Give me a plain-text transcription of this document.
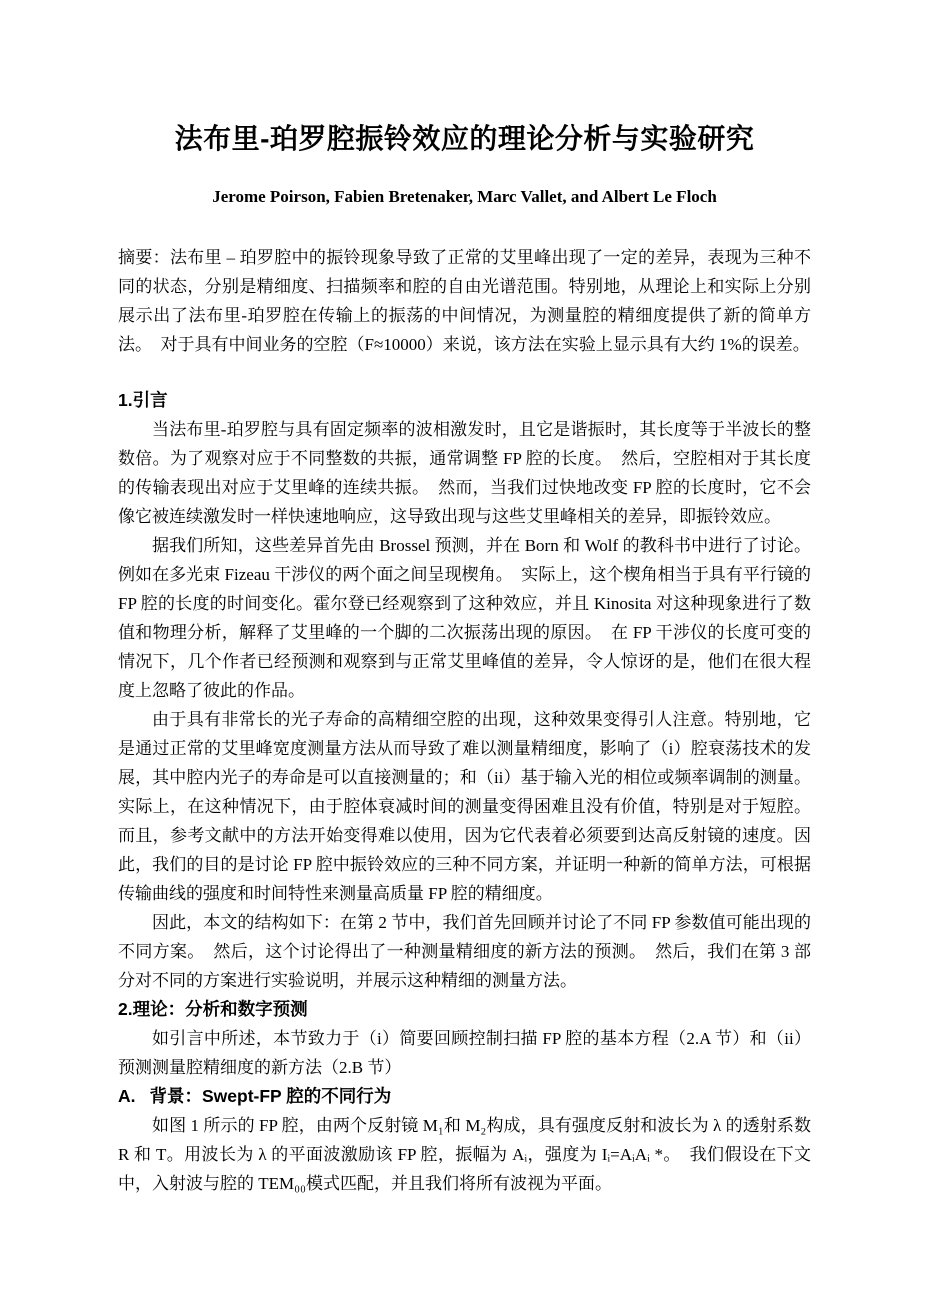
法布里-珀罗腔振铃效应的理论分析与实验研究
Jerome Poirson, Fabien Bretenaker, Marc Vallet, and Albert Le Floch

摘要：法布里 – 珀罗腔中的振铃现象导致了正常的艾里峰出现了一定的差异，表现为三种不同的状态，分别是精细度、扫描频率和腔的自由光谱范围。特别地，从理论上和实际上分别展示出了法布里-珀罗腔在传输上的振荡的中间情况，为测量腔的精细度提供了新的简单方法。　对于具有中间业务的空腔（F≈10000）来说，该方法在实验上显示具有大约 1%的误差。

1.引言

当法布里-珀罗腔与具有固定频率的波相激发时，且它是谐振时，其长度等于半波长的整数倍。为了观察对应于不同整数的共振，通常调整 FP 腔的长度。　然后，空腔相对于其长度的传输表现出对应于艾里峰的连续共振。　然而，当我们过快地改变 FP 腔的长度时，它不会像它被连续激发时一样快速地响应，这导致出现与这些艾里峰相关的差异，即振铃效应。

据我们所知，这些差异首先由 Brossel 预测，并在 Born 和 Wolf 的教科书中进行了讨论。例如在多光束 Fizeau 干涉仪的两个面之间呈现楔角。　实际上，这个楔角相当于具有平行镜的 FP 腔的长度的时间变化。霍尔登已经观察到了这种效应，并且 Kinosita 对这种现象进行了数值和物理分析，解释了艾里峰的一个脚的二次振荡出现的原因。　在 FP 干涉仪的长度可变的情况下，几个作者已经预测和观察到与正常艾里峰值的差异，令人惊讶的是，他们在很大程度上忽略了彼此的作品。

由于具有非常长的光子寿命的高精细空腔的出现，这种效果变得引人注意。特别地，它是通过正常的艾里峰宽度测量方法从而导致了难以测量精细度，影响了（i）腔衰荡技术的发展，其中腔内光子的寿命是可以直接测量的；和（ii）基于输入光的相位或频率调制的测量。实际上，在这种情况下，由于腔体衰减时间的测量变得困难且没有价值，特别是对于短腔。而且，参考文献中的方法开始变得难以使用，因为它代表着必须要到达高反射镜的速度。因此，我们的目的是讨论 FP 腔中振铃效应的三种不同方案，并证明一种新的简单方法，可根据传输曲线的强度和时间特性来测量高质量 FP 腔的精细度。

因此，本文的结构如下：在第 2 节中，我们首先回顾并讨论了不同 FP 参数值可能出现的不同方案。　然后，这个讨论得出了一种测量精细度的新方法的预测。　然后，我们在第 3 部分对不同的方案进行实验说明，并展示这种精细的测量方法。

2.理论：分析和数字预测

如引言中所述，本节致力于（i）简要回顾控制扫描 FP 腔的基本方程（2.A 节）和（ii）预测测量腔精细度的新方法（2.B 节）

A. 背景：Swept-FP 腔的不同行为

如图 1 所示的 FP 腔，由两个反射镜 M₁和 M₂构成，具有强度反射和波长为 λ 的透射系数 R 和 T。用波长为 λ 的平面波激励该 FP 腔，振幅为 Aᵢ，强度为 Iᵢ=AᵢAᵢ *。　我们假设在下文中，入射波与腔的 TEM₀₀模式匹配，并且我们将所有波视为平面。
